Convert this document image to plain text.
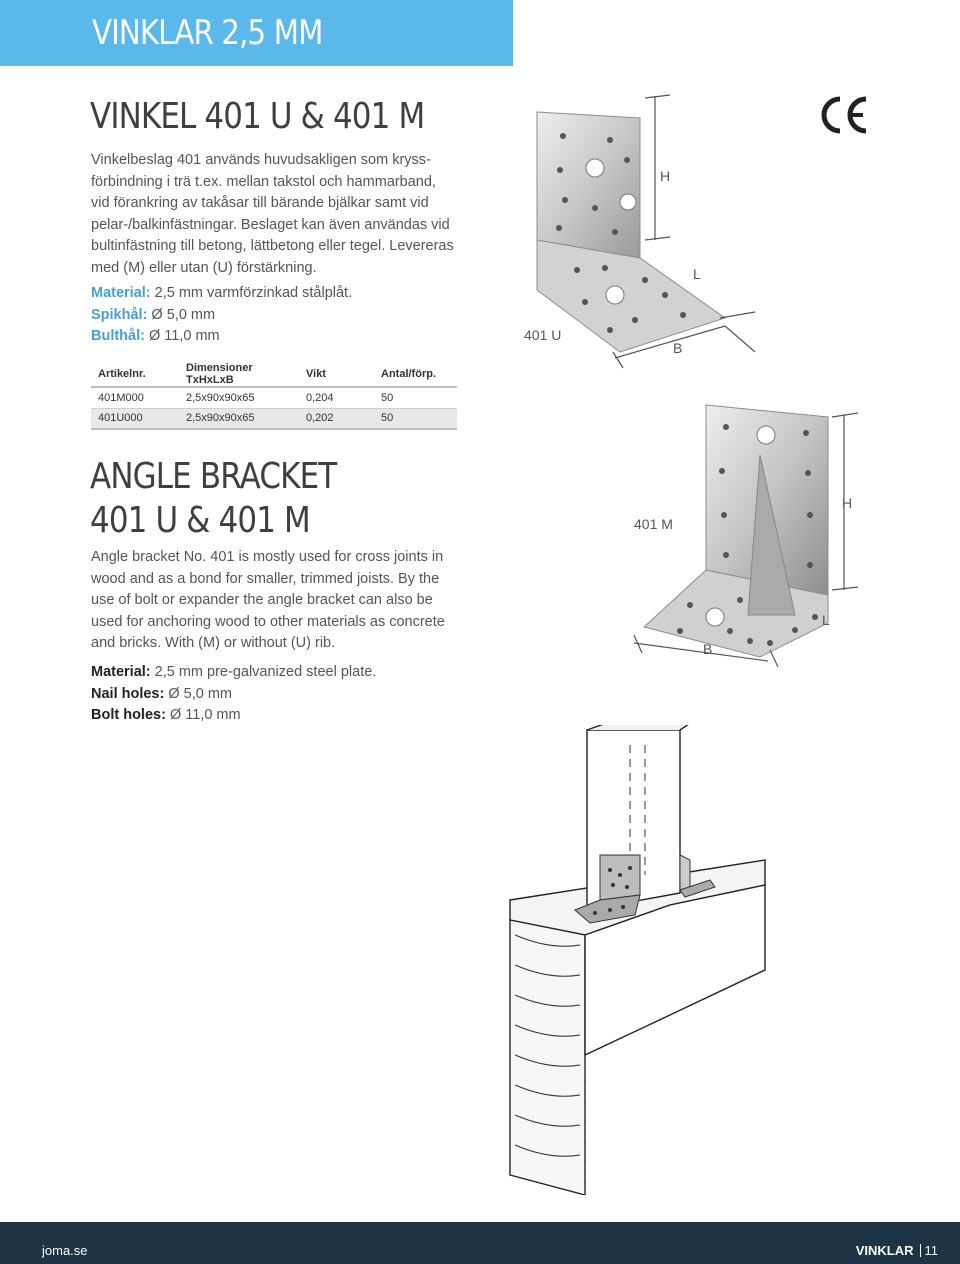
VINKLAR 2,5 MM
VINKEL 401 U & 401 M
Vinkelbeslag 401 används huvudsakligen som kryss-
förbindning i trä t.ex. mellan takstol och hammarband,
vid förankring av takåsar till bärande bjälkar samt vid
pelar-/balkinfästningar. Beslaget kan även användas vid
bultinfästning till betong, lättbetong eller tegel. Levereras
med (M) eller utan (U) förstärkning.
Material: 2,5 mm varmförzinkad stålplåt.
Spikhål: Ø 5,0 mm
Bulthål: Ø 11,0 mm
Artikelnr.	Dimensioner TxHxLxB	Vikt	Antal/förp.
401M000	2,5x90x90x65	0,204	50
401U000	2,5x90x90x65	0,202	50
ANGLE BRACKET
401 U & 401 M
Angle bracket No. 401 is mostly used for cross joints in
wood and as a bond for smaller, trimmed joists. By the
use of bolt or expander the angle bracket can also be
used for anchoring wood to other materials as concrete
and bricks. With (M) or without (U) rib.
Material: 2,5 mm pre-galvanized steel plate.
Nail holes: Ø 5,0 mm
Bolt holes: Ø 11,0 mm
H
L
B
401 U
H
L
B
401 M
joma.se	VINKLAR 11
